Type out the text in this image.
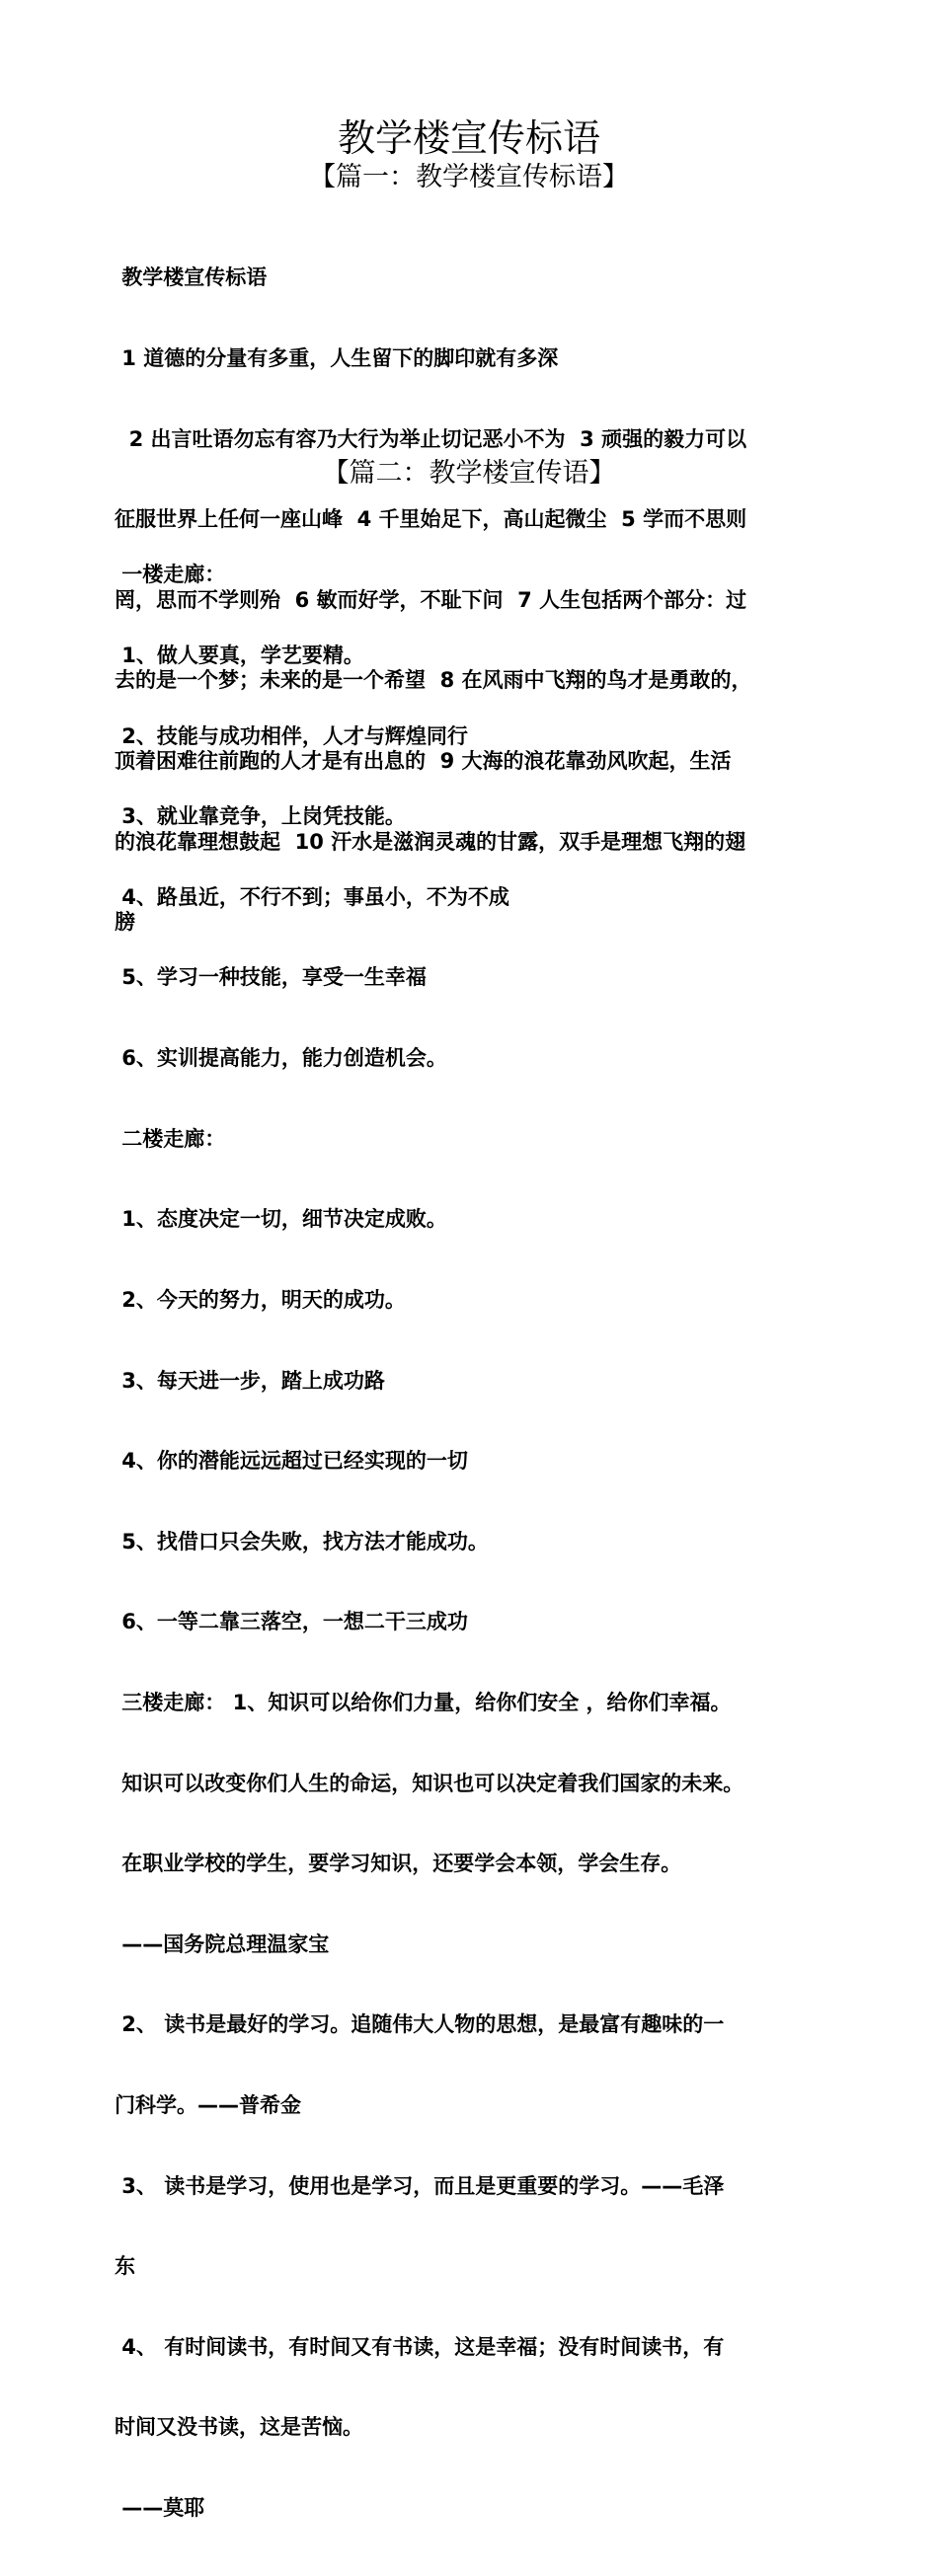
教学楼宣传标语
【篇一：教学楼宣传标语】

教学楼宣传标语

1 道德的分量有多重，人生留下的脚印就有多深

2 出言吐语勿忘有容乃大行为举止切记恶小不为  3 顽强的毅力可以

征服世界上任何一座山峰  4 千里始足下，高山起微尘  5 学而不思则

罔，思而不学则殆  6 敏而好学，不耻下问  7 人生包括两个部分：过

去的是一个梦；未来的是一个希望  8 在风雨中飞翔的鸟才是勇敢的，

顶着困难往前跑的人才是有出息的  9 大海的浪花靠劲风吹起，生活

的浪花靠理想鼓起  10 汗水是滋润灵魂的甘露，双手是理想飞翔的翅

膀

【篇二：教学楼宣传语】

一楼走廊：

1、做人要真，学艺要精。

2、技能与成功相伴，人才与辉煌同行

3、就业靠竞争，上岗凭技能。

4、路虽近，不行不到；事虽小，不为不成

5、学习一种技能，享受一生幸福

6、实训提高能力，能力创造机会。

二楼走廊：

1、态度决定一切，细节决定成败。

2、今天的努力，明天的成功。

3、每天进一步，踏上成功路

4、你的潜能远远超过已经实现的一切

5、找借口只会失败，找方法才能成功。

6、一等二靠三落空，一想二干三成功

三楼走廊： 1、知识可以给你们力量，给你们安全 ，给你们幸福。

知识可以改变你们人生的命运，知识也可以决定着我们国家的未来。

在职业学校的学生，要学习知识，还要学会本领，学会生存。

——国务院总理温家宝

2、 读书是最好的学习。追随伟大人物的思想，是最富有趣味的一

门科学。——普希金

3、 读书是学习，使用也是学习，而且是更重要的学习。——毛泽

东

4、 有时间读书，有时间又有书读，这是幸福；没有时间读书，有

时间又没书读，这是苦恼。

——莫耶
